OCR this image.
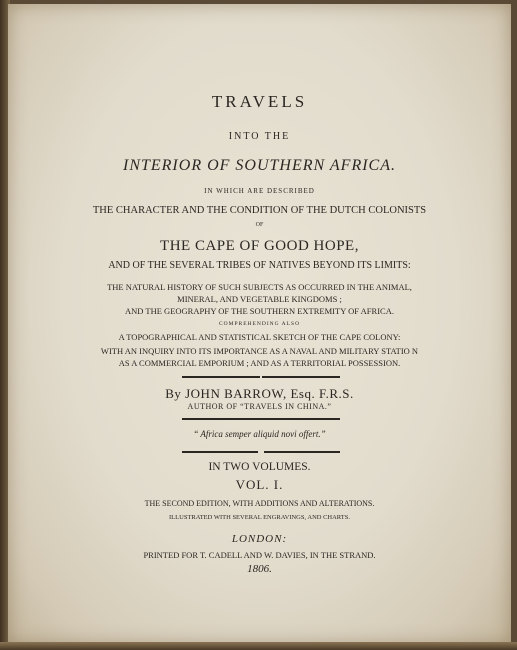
TRAVELS
INTO THE
INTERIOR OF SOUTHERN AFRICA.
IN WHICH ARE DESCRIBED
THE CHARACTER AND THE CONDITION OF THE DUTCH COLONISTS
OF
THE CAPE OF GOOD HOPE,
AND OF THE SEVERAL TRIBES OF NATIVES BEYOND ITS LIMITS:
THE NATURAL HISTORY OF SUCH SUBJECTS AS OCCURRED IN THE ANIMAL,
MINERAL, AND VEGETABLE KINGDOMS ;
AND THE GEOGRAPHY OF THE SOUTHERN EXTREMITY OF AFRICA.
COMPREHENDING ALSO
A TOPOGRAPHICAL AND STATISTICAL SKETCH OF THE CAPE COLONY:
WITH AN INQUIRY INTO ITS IMPORTANCE AS A NAVAL AND MILITARY STATIO N
AS A COMMERCIAL EMPORIUM ; AND AS A TERRITORIAL POSSESSION.
By JOHN BARROW, Esq. F.R.S.
AUTHOR OF “TRAVELS IN CHINA.”
“ Africa semper aliquid novi offert.”
IN TWO VOLUMES.
VOL. I.
THE SECOND EDITION, WITH ADDITIONS AND ALTERATIONS.
ILLUSTRATED WITH SEVERAL ENGRAVINGS, AND CHARTS.
LONDON:
PRINTED FOR T. CADELL AND W. DAVIES, IN THE STRAND.
1806.
